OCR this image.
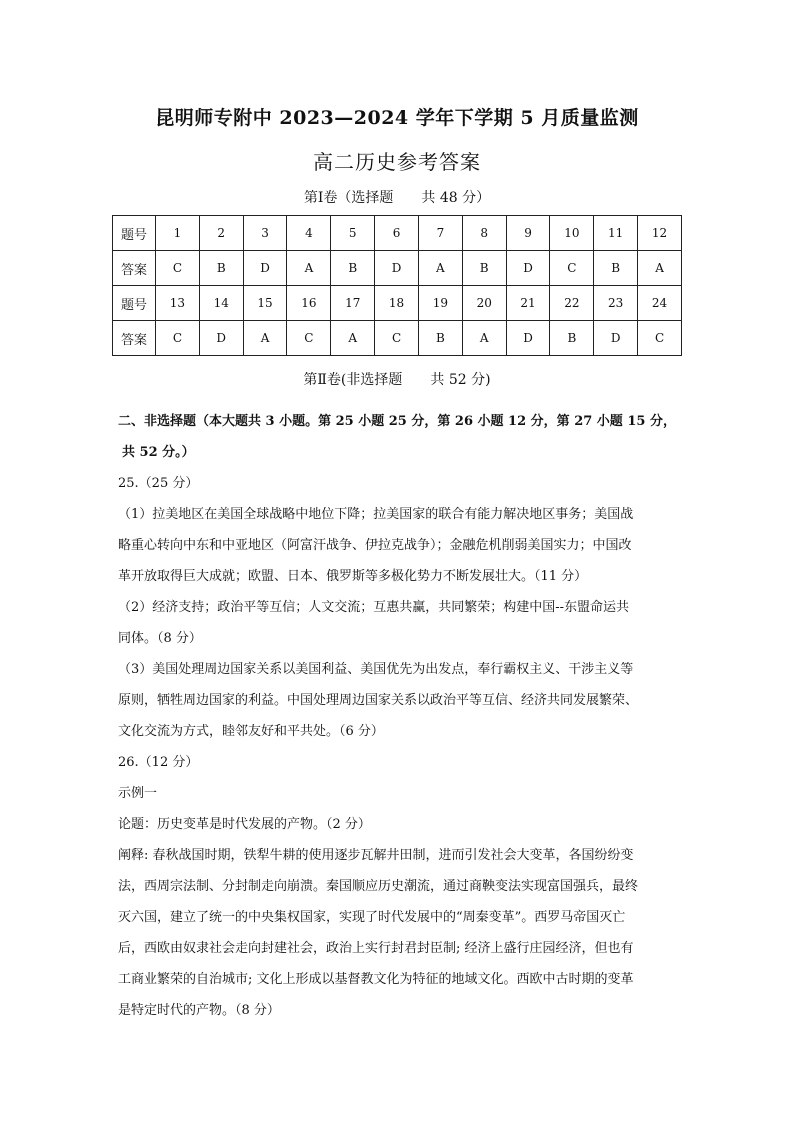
昆明师专附中 2023—2024 学年下学期 5 月质量监测
高二历史参考答案
第Ⅰ卷（选择题 共 48 分）
题号	1	2	3	4	5	6	7	8	9	10	11	12
答案	C	B	D	A	B	D	A	B	D	C	B	A
题号	13	14	15	16	17	18	19	20	21	22	23	24
答案	C	D	A	C	A	C	B	A	D	B	D	C
第Ⅱ卷(非选择题 共 52 分)

二、非选择题（本大题共 3 小题。第 25 小题 25 分，第 26 小题 12 分，第 27 小题 15 分，

共 52 分。）

25.（25 分）

（1）拉美地区在美国全球战略中地位下降；拉美国家的联合有能力解决地区事务；美国战

略重心转向中东和中亚地区（阿富汗战争、伊拉克战争）；金融危机削弱美国实力；中国改

革开放取得巨大成就；欧盟、日本、俄罗斯等多极化势力不断发展壮大。（11 分）

（2）经济支持；政治平等互信；人文交流；互惠共赢，共同繁荣；构建中国--东盟命运共

同体。（8 分）

（3）美国处理周边国家关系以美国利益、美国优先为出发点，奉行霸权主义、干涉主义等

原则，牺牲周边国家的利益。中国处理周边国家关系以政治平等互信、经济共同发展繁荣、

文化交流为方式，睦邻友好和平共处。（6 分）

26.（12 分）

示例一

论题：历史变革是时代发展的产物。（2 分）

阐释: 春秋战国时期，铁犁牛耕的使用逐步瓦解井田制，进而引发社会大变革，各国纷纷变

法，西周宗法制、分封制走向崩溃。秦国顺应历史潮流，通过商鞅变法实现富国强兵，最终

灭六国，建立了统一的中央集权国家，实现了时代发展中的“周秦变革”。西罗马帝国灭亡

后，西欧由奴隶社会走向封建社会，政治上实行封君封臣制; 经济上盛行庄园经济，但也有

工商业繁荣的自治城市; 文化上形成以基督教文化为特征的地域文化。西欧中古时期的变革

是特定时代的产物。（8 分）
